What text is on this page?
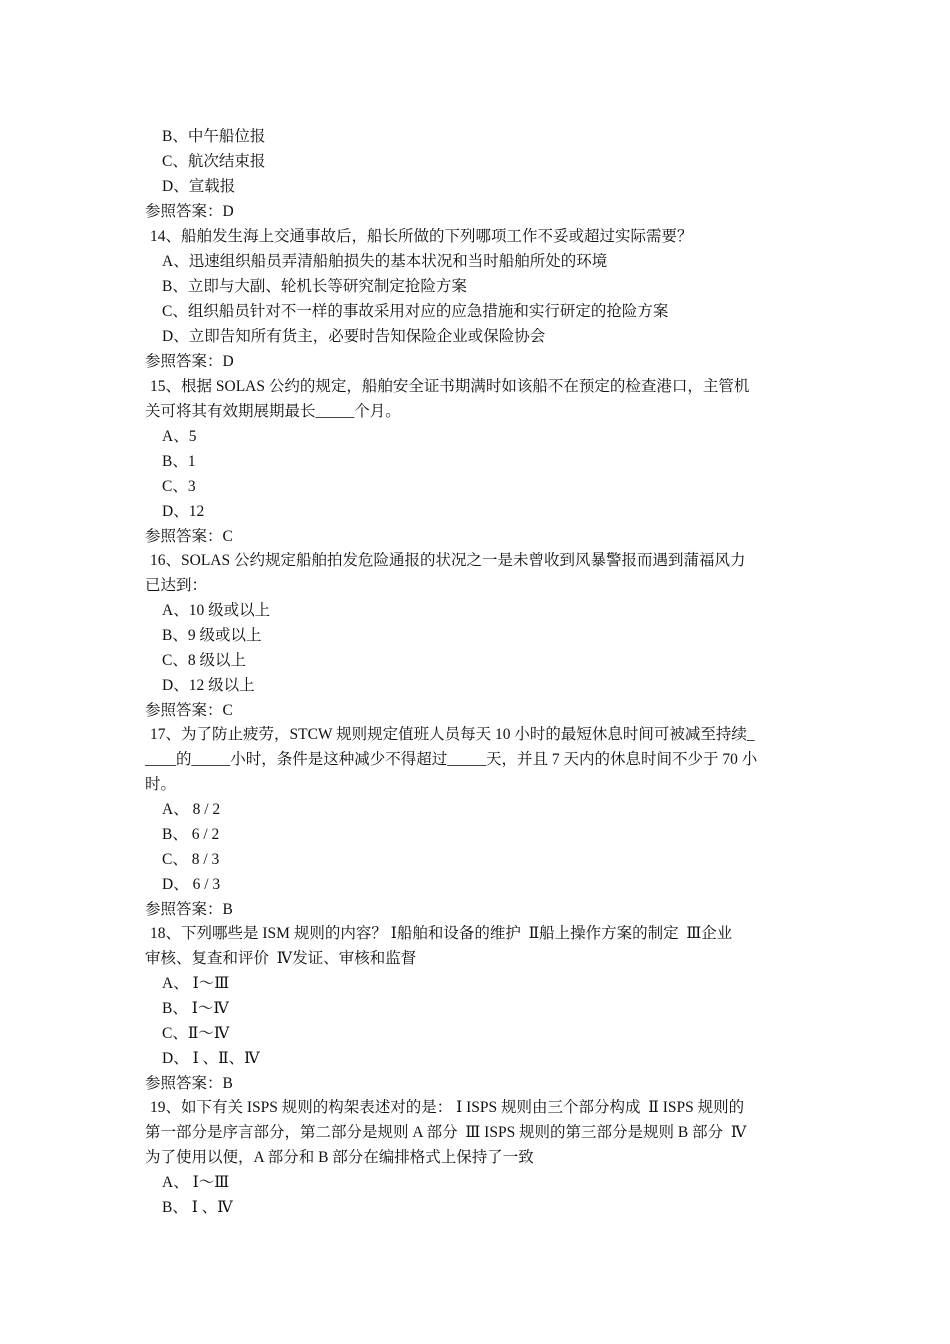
B、中午船位报
C、航次结束报
D、宣载报
参照答案：D
14、船舶发生海上交通事故后，船长所做的下列哪项工作不妥或超过实际需要？
A、迅速组织船员弄清船舶损失的基本状况和当时船舶所处的环境
B、立即与大副、轮机长等研究制定抢险方案
C、组织船员针对不一样的事故采用对应的应急措施和实行研定的抢险方案
D、立即告知所有货主，必要时告知保险企业或保险协会
参照答案：D
15、根据 SOLAS 公约的规定，船舶安全证书期满时如该船不在预定的检查港口，主管机
关可将其有效期展期最长_____个月。
A、5
B、1
C、3
D、12
参照答案：C
16、SOLAS 公约规定船舶拍发危险通报的状况之一是未曾收到风暴警报而遇到蒲福风力
已达到：
A、10 级或以上
B、9 级或以上
C、8 级以上
D、12 级以上
参照答案：C
17、为了防止疲劳，STCW 规则规定值班人员每天 10 小时的最短休息时间可被减至持续_
____的_____小时，条件是这种减少不得超过_____天，并且 7 天内的休息时间不少于 70 小
时。
A、 8 / 2
B、 6 / 2
C、 8 / 3
D、 6 / 3
参照答案：B
18、下列哪些是 ISM 规则的内容？ Ⅰ船舶和设备的维护  Ⅱ船上操作方案的制定  Ⅲ企业
审核、复查和评价  Ⅳ发证、审核和监督
A、 Ⅰ～Ⅲ
B、 Ⅰ～Ⅳ
C、Ⅱ～Ⅳ
D、 Ⅰ 、Ⅱ、Ⅳ
参照答案：B
19、如下有关 ISPS 规则的构架表述对的是： Ⅰ ISPS 规则由三个部分构成  Ⅱ ISPS 规则的
第一部分是序言部分，第二部分是规则 A 部分  Ⅲ ISPS 规则的第三部分是规则 B 部分  Ⅳ
为了使用以便，A 部分和 B 部分在编排格式上保持了一致
A、 Ⅰ～Ⅲ
B、 Ⅰ 、Ⅳ
